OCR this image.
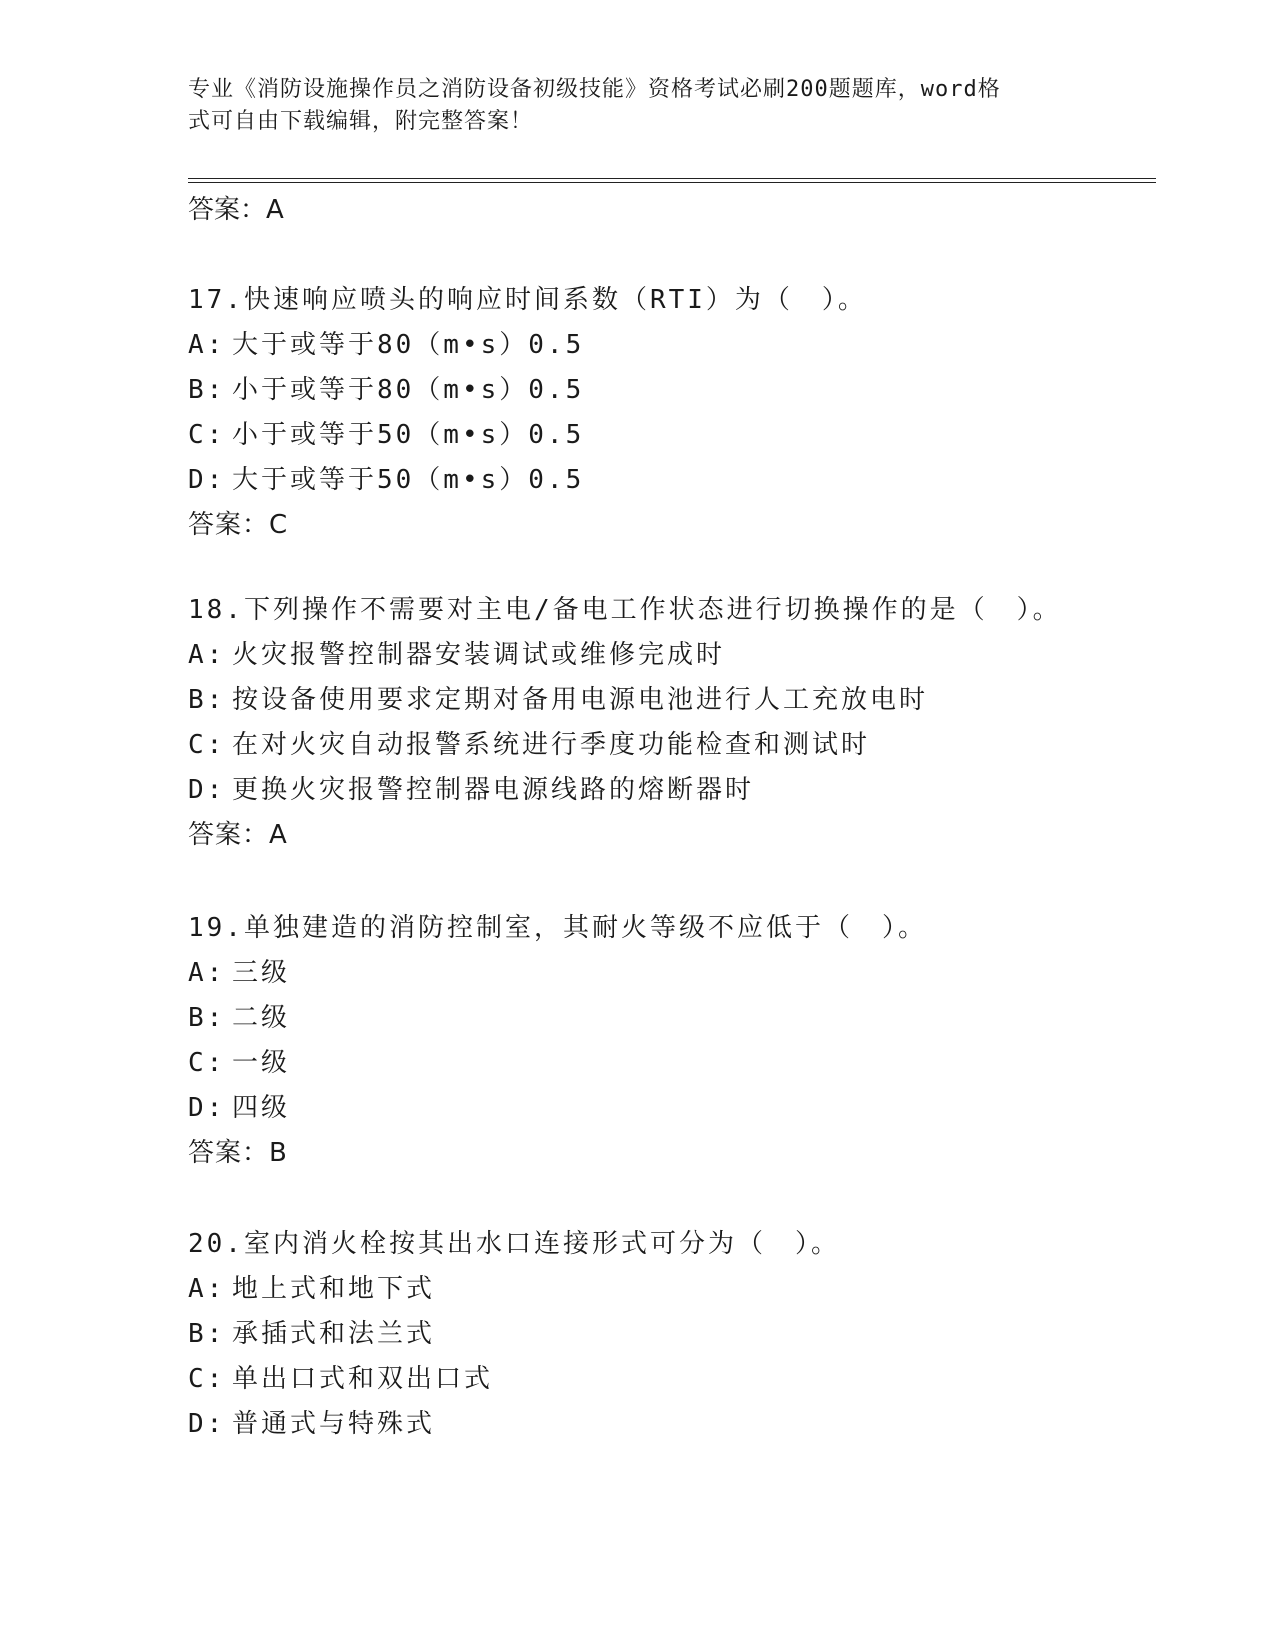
专业《消防设施操作员之消防设备初级技能》资格考试必刷200题题库，word格
式可自由下载编辑，附完整答案！
答案：A
17.快速响应喷头的响应时间系数（RTI）为（　）。
A: 大于或等于80（m•s）0.5
B: 小于或等于80（m•s）0.5
C: 小于或等于50（m•s）0.5
D: 大于或等于50（m•s）0.5
答案：C
18.下列操作不需要对主电/备电工作状态进行切换操作的是（　）。
A: 火灾报警控制器安装调试或维修完成时
B: 按设备使用要求定期对备用电源电池进行人工充放电时
C: 在对火灾自动报警系统进行季度功能检查和测试时
D: 更换火灾报警控制器电源线路的熔断器时
答案：A
19.单独建造的消防控制室，其耐火等级不应低于（　）。
A: 三级
B: 二级
C: 一级
D: 四级
答案：B
20.室内消火栓按其出水口连接形式可分为（　）。
A: 地上式和地下式
B: 承插式和法兰式
C: 单出口式和双出口式
D: 普通式与特殊式
